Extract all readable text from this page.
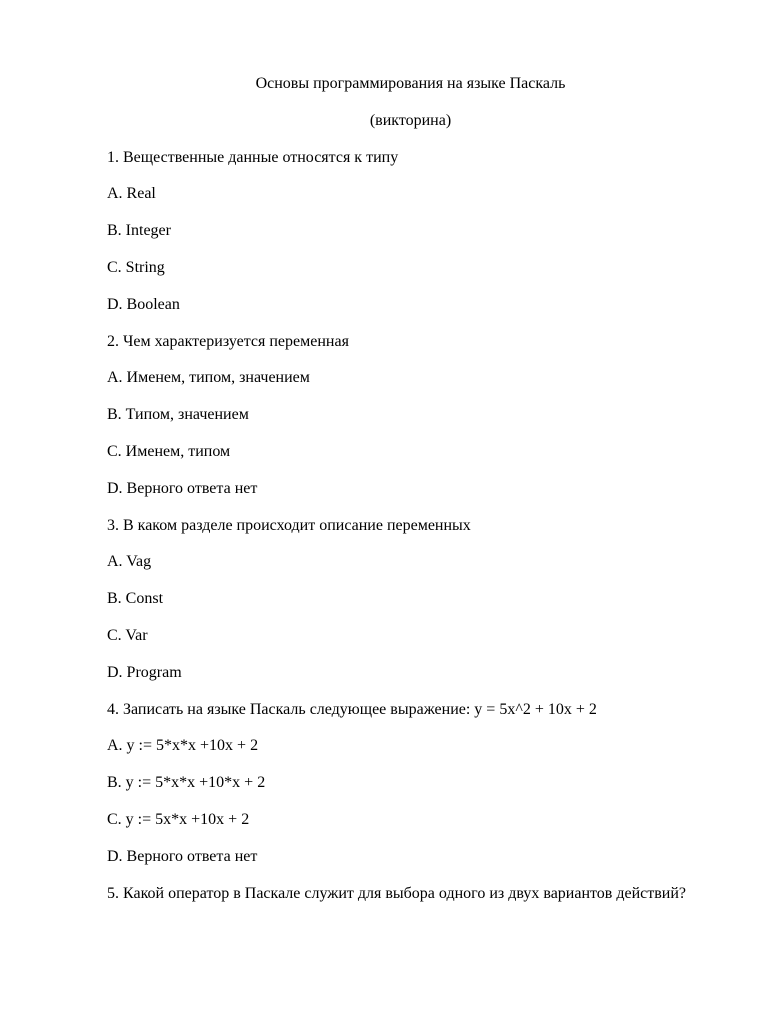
Основы программирования на языке Паскаль
(викторина)
1. Вещественные данные относятся к типу
A. Real
B. Integer
C. String
D. Boolean
2. Чем характеризуется переменная
A. Именем, типом, значением
B. Типом, значением
C. Именем, типом
D. Верного ответа нет
3. В каком разделе происходит описание переменных
A. Vag
B. Const
C. Var
D. Program
4. Записать на языке Паскаль следующее выражение: y = 5x^2 + 10x + 2
A. y := 5*x*x +10x + 2
B. y := 5*x*x +10*x + 2
C. y := 5x*x +10x + 2
D. Верного ответа нет
5. Какой оператор в Паскале служит для выбора одного из двух вариантов действий?
